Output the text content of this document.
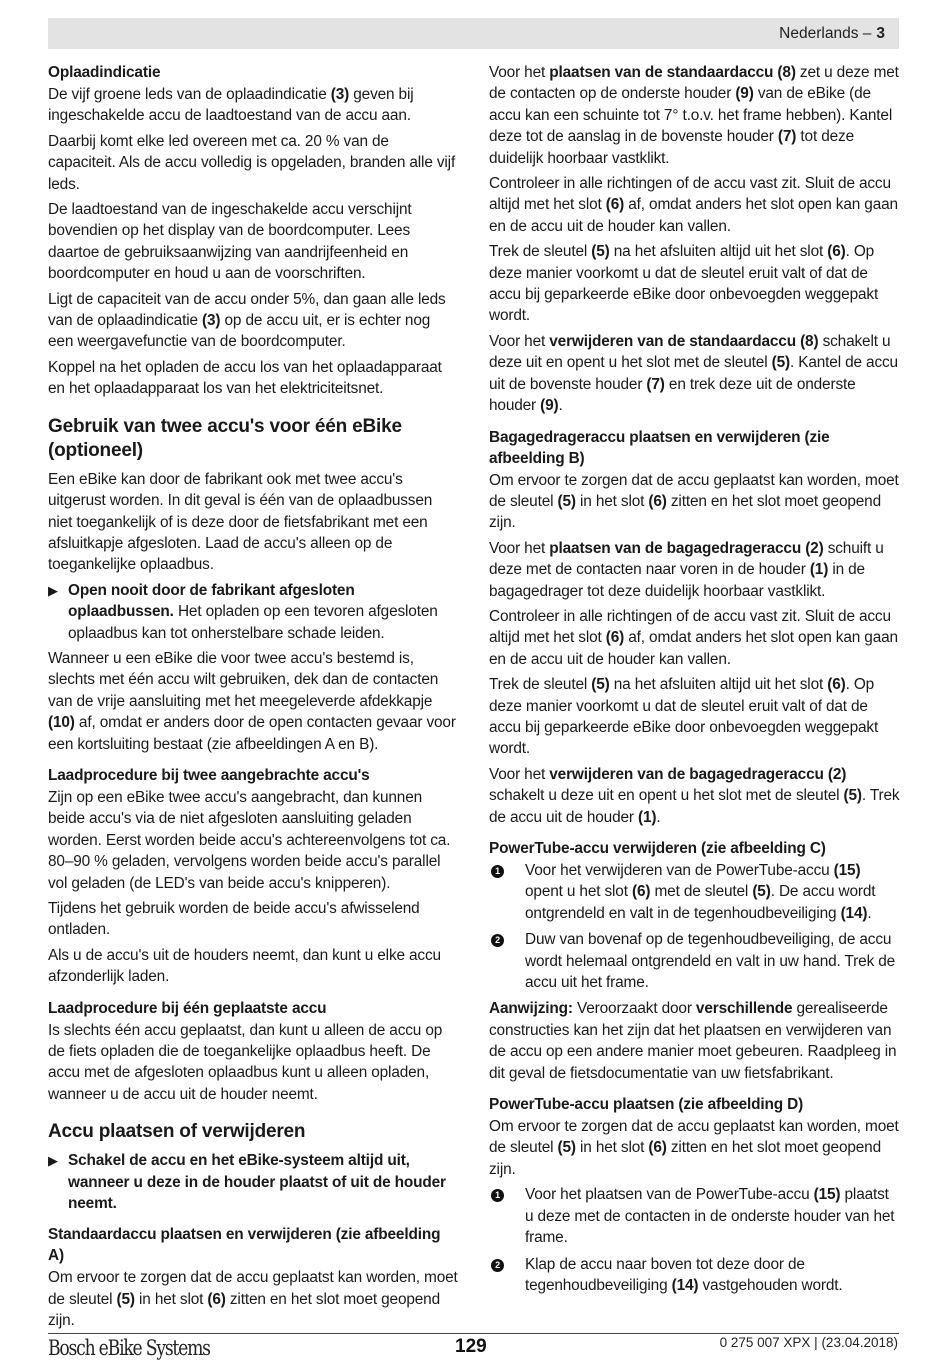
Nederlands – 3
Oplaadindicatie

De vijf groene leds van de oplaadindicatie (3) geven bij ingeschakelde accu de laadtoestand van de accu aan.

Daarbij komt elke led overeen met ca. 20 % van de capaciteit. Als de accu volledig is opgeladen, branden alle vijf leds.

De laadtoestand van de ingeschakelde accu verschijnt bovendien op het display van de boordcomputer. Lees daartoe de gebruiksaanwijzing van aandrijfeenheid en boordcomputer en houd u aan de voorschriften.

Ligt de capaciteit van de accu onder 5%, dan gaan alle leds van de oplaadindicatie (3) op de accu uit, er is echter nog een weergavefunctie van de boordcomputer.

Koppel na het opladen de accu los van het oplaadapparaat en het oplaadapparaat los van het elektriciteitsnet.

Gebruik van twee accu's voor één eBike (optioneel)

Een eBike kan door de fabrikant ook met twee accu's uitgerust worden. In dit geval is één van de oplaadbussen niet toegankelijk of is deze door de fietsfabrikant met een afsluitkapje afgesloten. Laad de accu's alleen op de toegankelijke oplaadbus.

▶ Open nooit door de fabrikant afgesloten oplaadbussen. Het opladen op een tevoren afgesloten oplaadbus kan tot onherstelbare schade leiden.

Wanneer u een eBike die voor twee accu's bestemd is, slechts met één accu wilt gebruiken, dek dan de contacten van de vrije aansluiting met het meegeleverde afdekkapje (10) af, omdat er anders door de open contacten gevaar voor een kortsluiting bestaat (zie afbeeldingen A en B).

Laadprocedure bij twee aangebrachte accu's

Zijn op een eBike twee accu's aangebracht, dan kunnen beide accu's via de niet afgesloten aansluiting geladen worden. Eerst worden beide accu's achtereenvolgens tot ca. 80–90 % geladen, vervolgens worden beide accu's parallel vol geladen (de LED's van beide accu's knipperen).

Tijdens het gebruik worden de beide accu's afwisselend ontladen.

Als u de accu's uit de houders neemt, dan kunt u elke accu afzonderlijk laden.

Laadprocedure bij één geplaatste accu

Is slechts één accu geplaatst, dan kunt u alleen de accu op de fiets opladen die de toegankelijke oplaadbus heeft. De accu met de afgesloten oplaadbus kunt u alleen opladen, wanneer u de accu uit de houder neemt.

Accu plaatsen of verwijderen
▶ Schakel de accu en het eBike-systeem altijd uit, wanneer u deze in de houder plaatst of uit de houder neemt.
Standaardaccu plaatsen en verwijderen (zie afbeelding A)

Om ervoor te zorgen dat de accu geplaatst kan worden, moet de sleutel (5) in het slot (6) zitten en het slot moet geopend zijn.

Voor het plaatsen van de standaardaccu (8) zet u deze met de contacten op de onderste houder (9) van de eBike (de accu kan een schuinte tot 7° t.o.v. het frame hebben). Kantel deze tot de aanslag in de bovenste houder (7) tot deze duidelijk hoorbaar vastklikt.

Controleer in alle richtingen of de accu vast zit. Sluit de accu altijd met het slot (6) af, omdat anders het slot open kan gaan en de accu uit de houder kan vallen.

Trek de sleutel (5) na het afsluiten altijd uit het slot (6). Op deze manier voorkomt u dat de sleutel eruit valt of dat de accu bij geparkeerde eBike door onbevoegden weggepakt wordt.

Voor het verwijderen van de standaardaccu (8) schakelt u deze uit en opent u het slot met de sleutel (5). Kantel de accu uit de bovenste houder (7) en trek deze uit de onderste houder (9).

Bagagedrageraccu plaatsen en verwijderen (zie afbeelding B)

Om ervoor te zorgen dat de accu geplaatst kan worden, moet de sleutel (5) in het slot (6) zitten en het slot moet geopend zijn.

Voor het plaatsen van de bagagedrageraccu (2) schuift u deze met de contacten naar voren in de houder (1) in de bagagedrager tot deze duidelijk hoorbaar vastklikt.

Controleer in alle richtingen of de accu vast zit. Sluit de accu altijd met het slot (6) af, omdat anders het slot open kan gaan en de accu uit de houder kan vallen.

Trek de sleutel (5) na het afsluiten altijd uit het slot (6). Op deze manier voorkomt u dat de sleutel eruit valt of dat de accu bij geparkeerde eBike door onbevoegden weggepakt wordt.

Voor het verwijderen van de bagagedrageraccu (2) schakelt u deze uit en opent u het slot met de sleutel (5). Trek de accu uit de houder (1).

PowerTube-accu verwijderen (zie afbeelding C)
1	Voor het verwijderen van de PowerTube-accu (15) opent u het slot (6) met de sleutel (5). De accu wordt ontgrendeld en valt in de tegenhoudbeveiliging (14).
2	Duw van bovenaf op de tegenhoudbeveiliging, de accu wordt helemaal ontgrendeld en valt in uw hand. Trek de accu uit het frame.

Aanwijzing: Veroorzaakt door verschillende gerealiseerde constructies kan het zijn dat het plaatsen en verwijderen van de accu op een andere manier moet gebeuren. Raadpleeg in dit geval de fietsdocumentatie van uw fietsfabrikant.

PowerTube-accu plaatsen (zie afbeelding D)

Om ervoor te zorgen dat de accu geplaatst kan worden, moet de sleutel (5) in het slot (6) zitten en het slot moet geopend zijn.

1	Voor het plaatsen van de PowerTube-accu (15) plaatst u deze met de contacten in de onderste houder van het frame.
2	Klap de accu naar boven tot deze door de tegenhoudbeveiliging (14) vastgehouden wordt.
Bosch eBike Systems	129	0 275 007 XPX | (23.04.2018)
